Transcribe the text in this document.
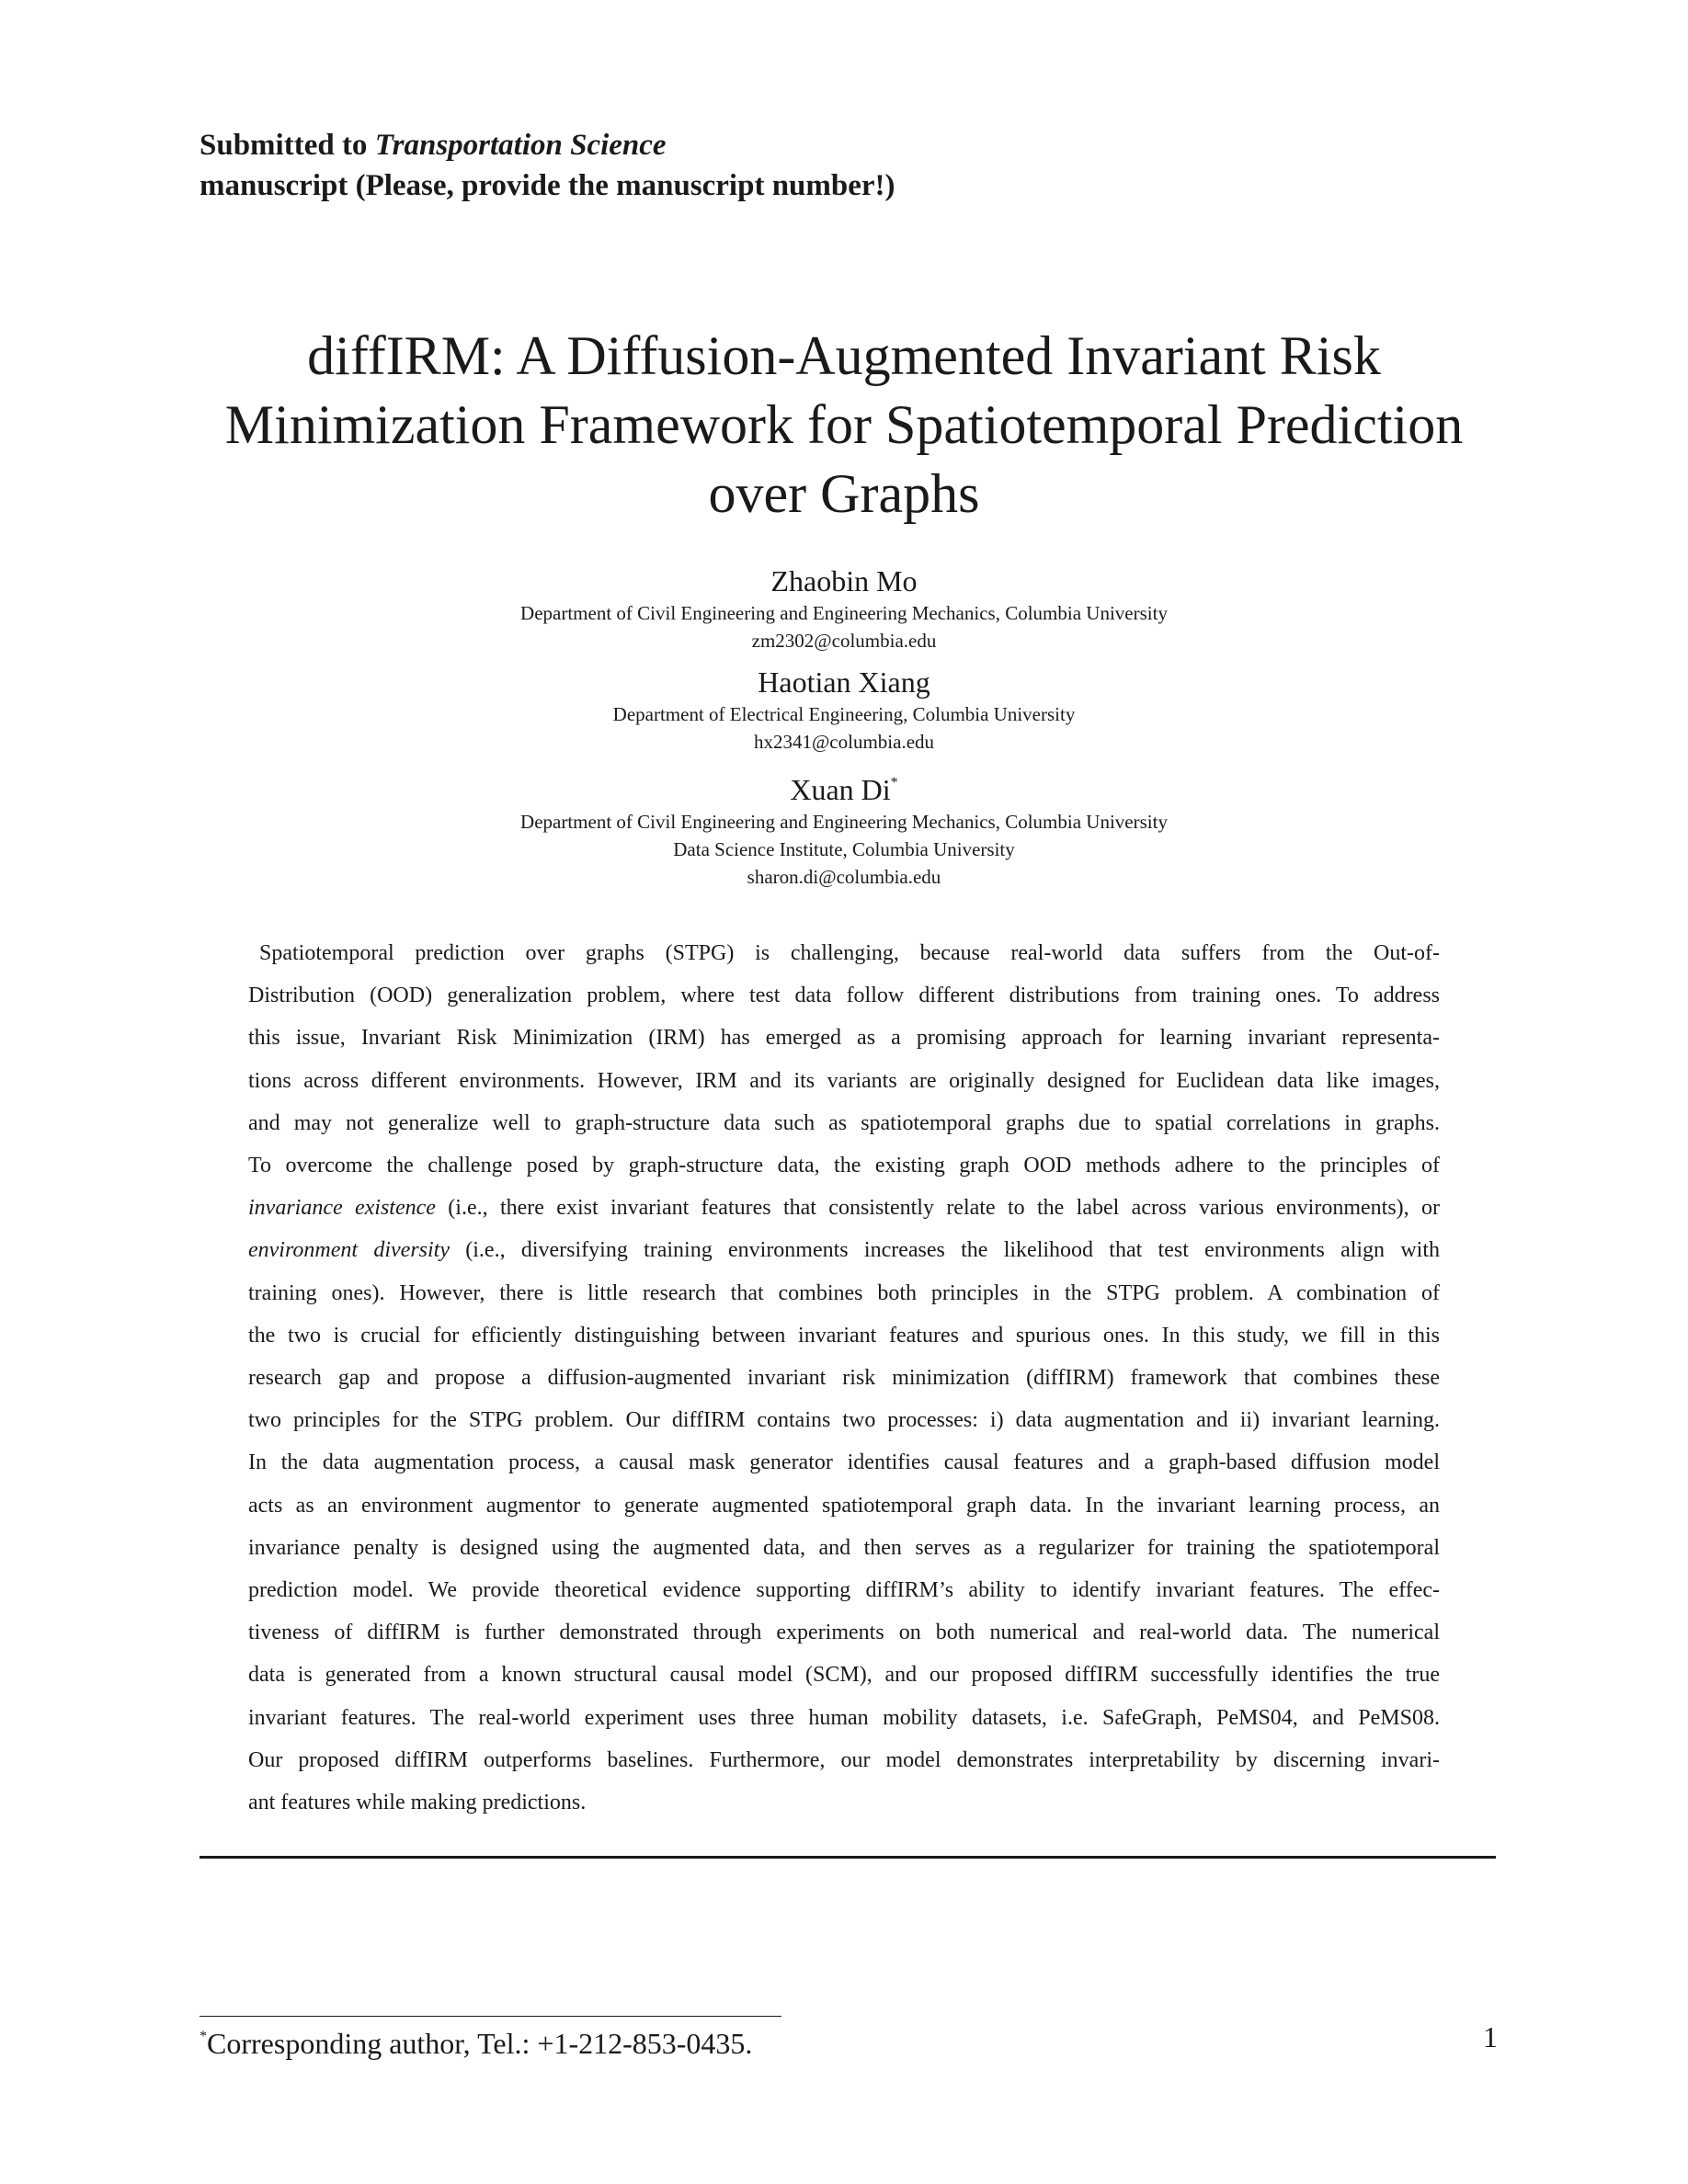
Submitted to Transportation Science
manuscript (Please, provide the manuscript number!)
diffIRM: A Diffusion-Augmented Invariant Risk
Minimization Framework for Spatiotemporal Prediction
over Graphs
Zhaobin Mo
Department of Civil Engineering and Engineering Mechanics, Columbia University
zm2302@columbia.edu
Haotian Xiang
Department of Electrical Engineering, Columbia University
hx2341@columbia.edu
Xuan Di*
Department of Civil Engineering and Engineering Mechanics, Columbia University
Data Science Institute, Columbia University
sharon.di@columbia.edu
Spatiotemporal prediction over graphs (STPG) is challenging, because real-world data suffers from the Out-of-
Distribution (OOD) generalization problem, where test data follow different distributions from training ones. To address
this issue, Invariant Risk Minimization (IRM) has emerged as a promising approach for learning invariant representa-
tions across different environments. However, IRM and its variants are originally designed for Euclidean data like images,
and may not generalize well to graph-structure data such as spatiotemporal graphs due to spatial correlations in graphs.
To overcome the challenge posed by graph-structure data, the existing graph OOD methods adhere to the principles of
invariance existence (i.e., there exist invariant features that consistently relate to the label across various environments), or
environment diversity (i.e., diversifying training environments increases the likelihood that test environments align with
training ones). However, there is little research that combines both principles in the STPG problem. A combination of
the two is crucial for efficiently distinguishing between invariant features and spurious ones. In this study, we fill in this
research gap and propose a diffusion-augmented invariant risk minimization (diffIRM) framework that combines these
two principles for the STPG problem. Our diffIRM contains two processes: i) data augmentation and ii) invariant learning.
In the data augmentation process, a causal mask generator identifies causal features and a graph-based diffusion model
acts as an environment augmentor to generate augmented spatiotemporal graph data. In the invariant learning process, an
invariance penalty is designed using the augmented data, and then serves as a regularizer for training the spatiotemporal
prediction model. We provide theoretical evidence supporting diffIRM’s ability to identify invariant features. The effec-
tiveness of diffIRM is further demonstrated through experiments on both numerical and real-world data. The numerical
data is generated from a known structural causal model (SCM), and our proposed diffIRM successfully identifies the true
invariant features. The real-world experiment uses three human mobility datasets, i.e. SafeGraph, PeMS04, and PeMS08.
Our proposed diffIRM outperforms baselines. Furthermore, our model demonstrates interpretability by discerning invari-
ant features while making predictions.
*Corresponding author, Tel.: +1-212-853-0435.	1
